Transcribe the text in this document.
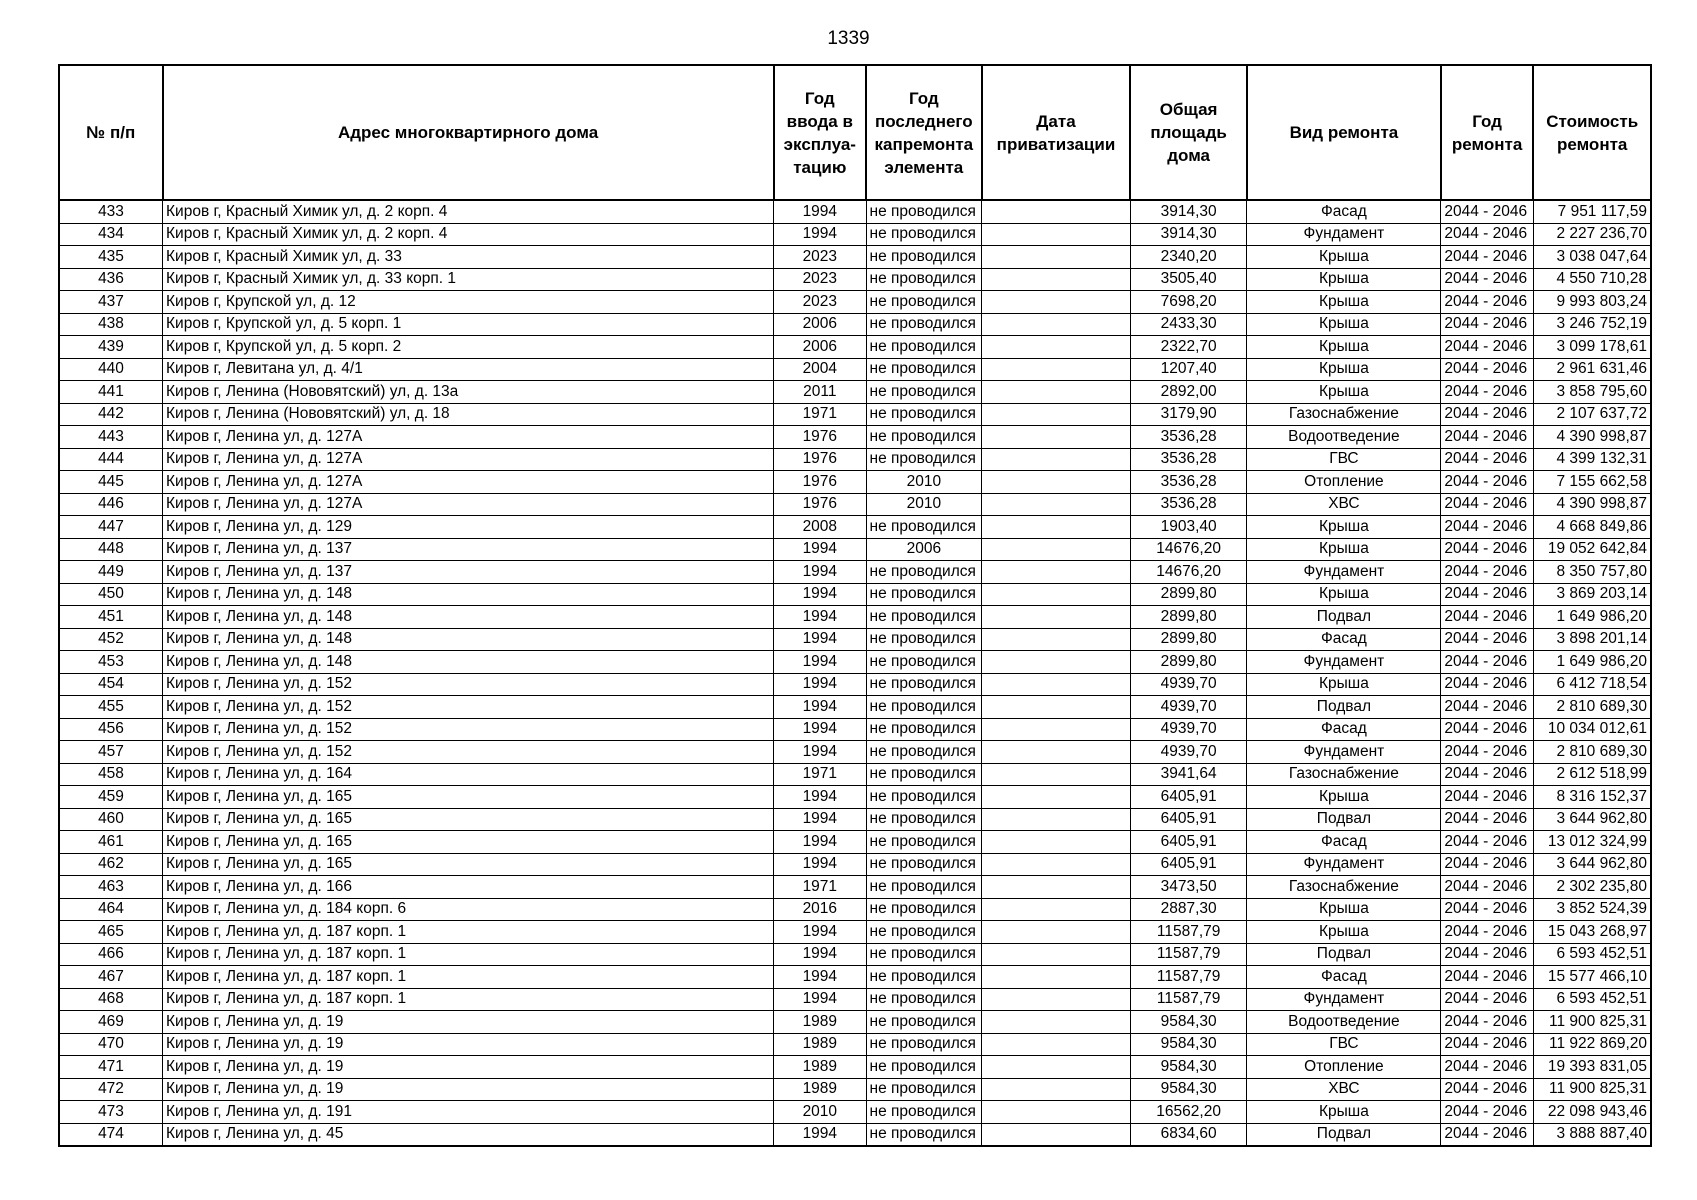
1339
№ п/п	Адрес многоквартирного дома	Год ввода в эксплуа-тацию	Год последнего капремонта элемента	Дата приватизации	Общая площадь дома	Вид ремонта	Год ремонта	Стоимость ремонта
433	Киров г, Красный Химик ул, д. 2 корп. 4	1994	не проводился		3914,30	Фасад	2044 - 2046	7 951 117,59
434	Киров г, Красный Химик ул, д. 2 корп. 4	1994	не проводился		3914,30	Фундамент	2044 - 2046	2 227 236,70
435	Киров г, Красный Химик ул, д. 33	2023	не проводился		2340,20	Крыша	2044 - 2046	3 038 047,64
436	Киров г, Красный Химик ул, д. 33 корп. 1	2023	не проводился		3505,40	Крыша	2044 - 2046	4 550 710,28
437	Киров г, Крупской ул, д. 12	2023	не проводился		7698,20	Крыша	2044 - 2046	9 993 803,24
438	Киров г, Крупской ул, д. 5 корп. 1	2006	не проводился		2433,30	Крыша	2044 - 2046	3 246 752,19
439	Киров г, Крупской ул, д. 5 корп. 2	2006	не проводился		2322,70	Крыша	2044 - 2046	3 099 178,61
440	Киров г, Левитана ул, д. 4/1	2004	не проводился		1207,40	Крыша	2044 - 2046	2 961 631,46
441	Киров г, Ленина (Нововятский) ул, д. 13а	2011	не проводился		2892,00	Крыша	2044 - 2046	3 858 795,60
442	Киров г, Ленина (Нововятский) ул, д. 18	1971	не проводился		3179,90	Газоснабжение	2044 - 2046	2 107 637,72
443	Киров г, Ленина ул, д. 127А	1976	не проводился		3536,28	Водоотведение	2044 - 2046	4 390 998,87
444	Киров г, Ленина ул, д. 127А	1976	не проводился		3536,28	ГВС	2044 - 2046	4 399 132,31
445	Киров г, Ленина ул, д. 127А	1976	2010		3536,28	Отопление	2044 - 2046	7 155 662,58
446	Киров г, Ленина ул, д. 127А	1976	2010		3536,28	ХВС	2044 - 2046	4 390 998,87
447	Киров г, Ленина ул, д. 129	2008	не проводился		1903,40	Крыша	2044 - 2046	4 668 849,86
448	Киров г, Ленина ул, д. 137	1994	2006		14676,20	Крыша	2044 - 2046	19 052 642,84
449	Киров г, Ленина ул, д. 137	1994	не проводился		14676,20	Фундамент	2044 - 2046	8 350 757,80
450	Киров г, Ленина ул, д. 148	1994	не проводился		2899,80	Крыша	2044 - 2046	3 869 203,14
451	Киров г, Ленина ул, д. 148	1994	не проводился		2899,80	Подвал	2044 - 2046	1 649 986,20
452	Киров г, Ленина ул, д. 148	1994	не проводился		2899,80	Фасад	2044 - 2046	3 898 201,14
453	Киров г, Ленина ул, д. 148	1994	не проводился		2899,80	Фундамент	2044 - 2046	1 649 986,20
454	Киров г, Ленина ул, д. 152	1994	не проводился		4939,70	Крыша	2044 - 2046	6 412 718,54
455	Киров г, Ленина ул, д. 152	1994	не проводился		4939,70	Подвал	2044 - 2046	2 810 689,30
456	Киров г, Ленина ул, д. 152	1994	не проводился		4939,70	Фасад	2044 - 2046	10 034 012,61
457	Киров г, Ленина ул, д. 152	1994	не проводился		4939,70	Фундамент	2044 - 2046	2 810 689,30
458	Киров г, Ленина ул, д. 164	1971	не проводился		3941,64	Газоснабжение	2044 - 2046	2 612 518,99
459	Киров г, Ленина ул, д. 165	1994	не проводился		6405,91	Крыша	2044 - 2046	8 316 152,37
460	Киров г, Ленина ул, д. 165	1994	не проводился		6405,91	Подвал	2044 - 2046	3 644 962,80
461	Киров г, Ленина ул, д. 165	1994	не проводился		6405,91	Фасад	2044 - 2046	13 012 324,99
462	Киров г, Ленина ул, д. 165	1994	не проводился		6405,91	Фундамент	2044 - 2046	3 644 962,80
463	Киров г, Ленина ул, д. 166	1971	не проводился		3473,50	Газоснабжение	2044 - 2046	2 302 235,80
464	Киров г, Ленина ул, д. 184 корп. 6	2016	не проводился		2887,30	Крыша	2044 - 2046	3 852 524,39
465	Киров г, Ленина ул, д. 187 корп. 1	1994	не проводился		11587,79	Крыша	2044 - 2046	15 043 268,97
466	Киров г, Ленина ул, д. 187 корп. 1	1994	не проводился		11587,79	Подвал	2044 - 2046	6 593 452,51
467	Киров г, Ленина ул, д. 187 корп. 1	1994	не проводился		11587,79	Фасад	2044 - 2046	15 577 466,10
468	Киров г, Ленина ул, д. 187 корп. 1	1994	не проводился		11587,79	Фундамент	2044 - 2046	6 593 452,51
469	Киров г, Ленина ул, д. 19	1989	не проводился		9584,30	Водоотведение	2044 - 2046	11 900 825,31
470	Киров г, Ленина ул, д. 19	1989	не проводился		9584,30	ГВС	2044 - 2046	11 922 869,20
471	Киров г, Ленина ул, д. 19	1989	не проводился		9584,30	Отопление	2044 - 2046	19 393 831,05
472	Киров г, Ленина ул, д. 19	1989	не проводился		9584,30	ХВС	2044 - 2046	11 900 825,31
473	Киров г, Ленина ул, д. 191	2010	не проводился		16562,20	Крыша	2044 - 2046	22 098 943,46
474	Киров г, Ленина ул, д. 45	1994	не проводился		6834,60	Подвал	2044 - 2046	3 888 887,40
